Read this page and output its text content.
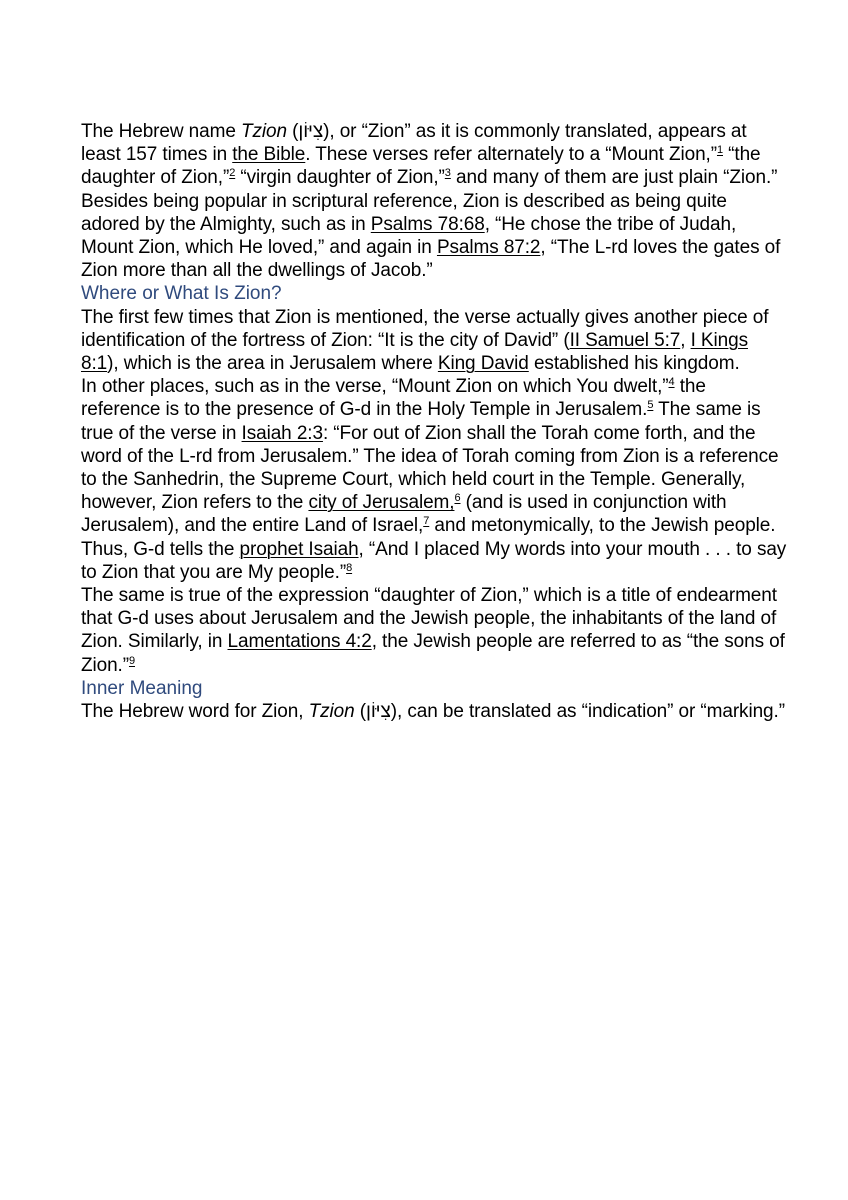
The Hebrew name Tzion (צִיּוֹן), or “Zion” as it is commonly translated, appears at least 157 times in the Bible. These verses refer alternately to a “Mount Zion,”$^1$ “the daughter of Zion,”$^2$ “virgin daughter of Zion,”$^3$ and many of them are just plain “Zion.”

Besides being popular in scriptural reference, Zion is described as being quite adored by the Almighty, such as in Psalms 78:68, “He chose the tribe of Judah, Mount Zion, which He loved,” and again in Psalms 87:2, “The L-rd loves the gates of Zion more than all the dwellings of Jacob.”

Where or What Is Zion?

The first few times that Zion is mentioned, the verse actually gives another piece of identification of the fortress of Zion: “It is the city of David” (II Samuel 5:7, I Kings 8:1), which is the area in Jerusalem where King David established his kingdom.

In other places, such as in the verse, “Mount Zion on which You dwelt,”$^4$ the reference is to the presence of G-d in the Holy Temple in Jerusalem.$^5$ The same is true of the verse in Isaiah 2:3: “For out of Zion shall the Torah come forth, and the word of the L-rd from Jerusalem.” The idea of Torah coming from Zion is a reference to the Sanhedrin, the Supreme Court, which held court in the Temple. Generally, however, Zion refers to the city of Jerusalem,$^6$ (and is used in conjunction with Jerusalem), and the entire Land of Israel,$^7$ and metonymically, to the Jewish people. Thus, G-d tells the prophet Isaiah, “And I placed My words into your mouth . . . to say to Zion that you are My people.”$^8$

The same is true of the expression “daughter of Zion,” which is a title of endearment that G-d uses about Jerusalem and the Jewish people, the inhabitants of the land of Zion. Similarly, in Lamentations 4:2, the Jewish people are referred to as “the sons of Zion.”$^9$

Inner Meaning

The Hebrew word for Zion, Tzion (צִיּוֹן), can be translated as “indication” or “marking.”
